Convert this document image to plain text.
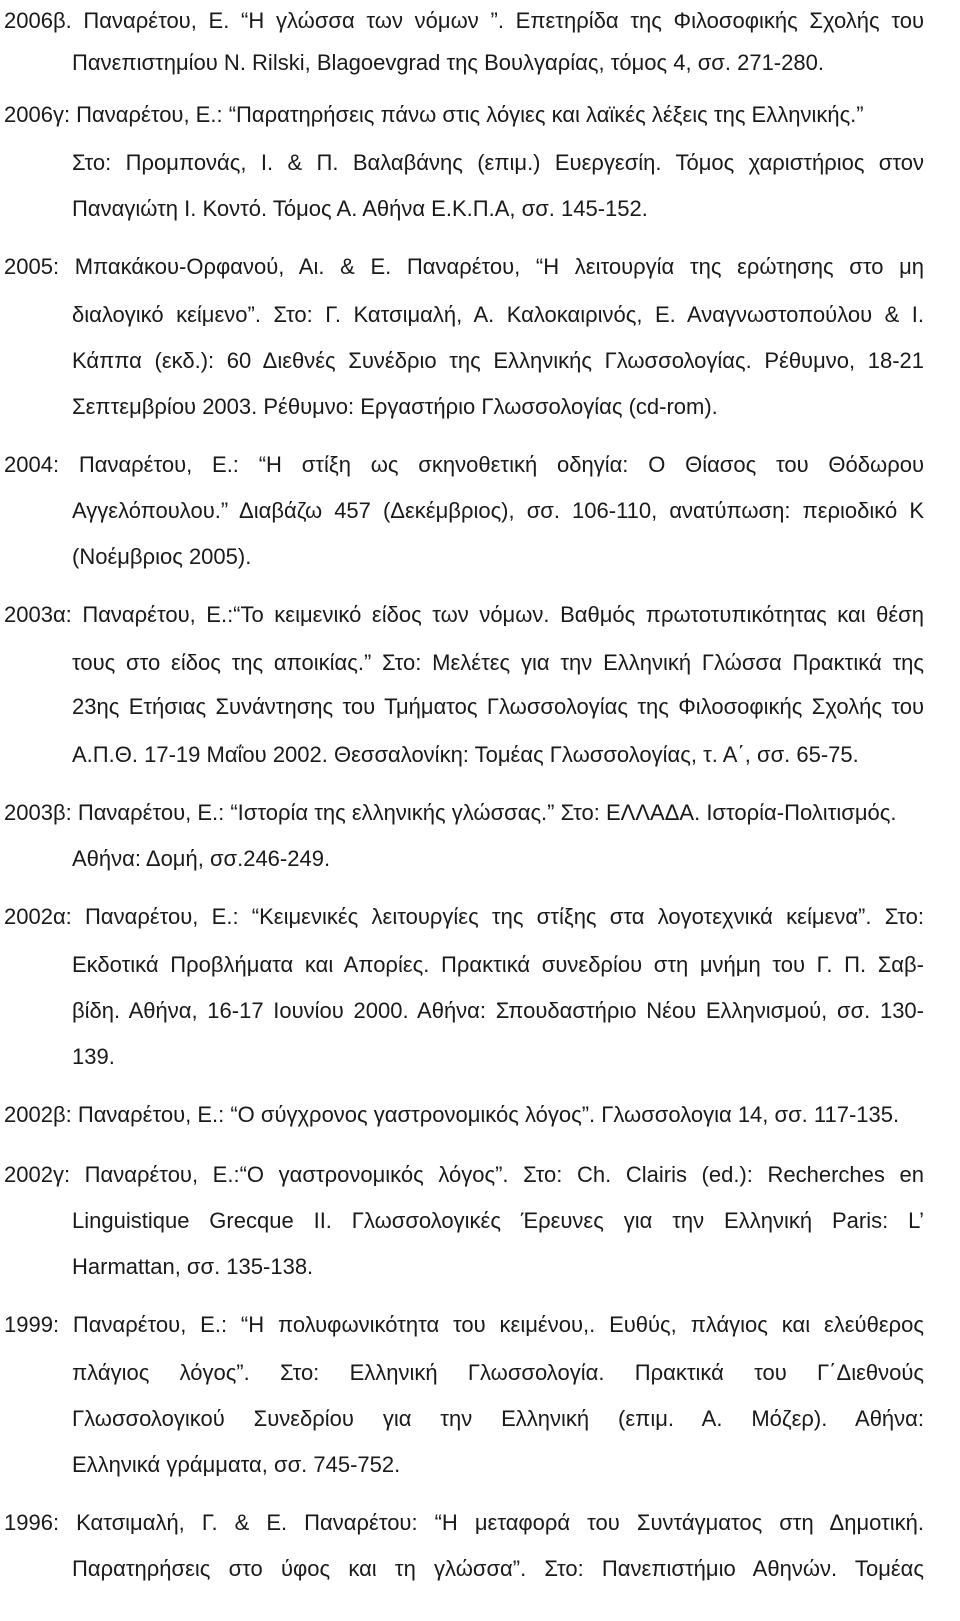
2006β. Παναρέτου, Ε. “Η γλώσσα των νόμων ”. Επετηρίδα της Φιλοσοφικής Σχολής του
Πανεπιστημίου Ν. Rilski, Blagoevgrad της Βουλγαρίας, τόμος 4, σσ. 271-280.
2006γ: Παναρέτου, Ε.: “Παρατηρήσεις πάνω στις λόγιες και λαϊκές λέξεις της Ελληνικής.”
Στο: Προμπονάς, Ι. & Π. Βαλαβάνης (επιμ.) Ευεργεσίη. Τόμος χαριστήριος στον
Παναγιώτη Ι. Κοντό. Τόμος Α. Αθήνα Ε.Κ.Π.Α, σσ. 145-152.
2005: Μπακάκου-Ορφανού, Αι. & Ε. Παναρέτου, “Η λειτουργία της ερώτησης στο μη
διαλογικό κείμενο”. Στο: Γ. Κατσιμαλή, Α. Καλοκαιρινός, Ε. Αναγνωστοπούλου & Ι.
Κάππα (εκδ.): 60 Διεθνές Συνέδριο της Ελληνικής Γλωσσολογίας. Ρέθυμνο, 18-21
Σεπτεμβρίου 2003. Ρέθυμνο: Εργαστήριο Γλωσσολογίας (cd-rom).
2004: Παναρέτου, Ε.: “Η στίξη ως σκηνοθετική οδηγία: Ο Θίασος του Θόδωρου
Αγγελόπουλου.” Διαβάζω 457 (Δεκέμβριος), σσ. 106-110, ανατύπωση: περιοδικό Κ
(Νοέμβριος 2005).
2003α: Παναρέτου, Ε.:“Το κειμενικό είδος των νόμων. Βαθμός πρωτοτυπικότητας και θέση
τους στο είδος της αποικίας.” Στο: Μελέτες για την Ελληνική Γλώσσα Πρακτικά της
23ης Ετήσιας Συνάντησης του Τμήματος Γλωσσολογίας της Φιλοσοφικής Σχολής του
Α.Π.Θ. 17-19 Μαΐου 2002. Θεσσαλονίκη: Τομέας Γλωσσολογίας, τ. Α΄, σσ. 65-75.
2003β: Παναρέτου, Ε.: “Ιστορία της ελληνικής γλώσσας.” Στο: ΕΛΛΑΔΑ. Ιστορία-Πολιτισμός.
Αθήνα: Δομή, σσ.246-249.
2002α: Παναρέτου, Ε.: “Κειμενικές λειτουργίες της στίξης στα λογοτεχνικά κείμενα”. Στο:
Εκδοτικά Προβλήματα και Απορίες. Πρακτικά συνεδρίου στη μνήμη του Γ. Π. Σαβ-
βίδη. Αθήνα, 16-17 Ιουνίου 2000. Αθήνα: Σπουδαστήριο Νέου Ελληνισμού, σσ. 130-
139.
2002β: Παναρέτου, Ε.: “Ο σύγχρονος γαστρονομικός λόγος”. Γλωσσολογια 14, σσ. 117-135.
2002γ: Παναρέτου, Ε.:“Ο γαστρονομικός λόγος”. Στο: Ch. Clairis (ed.): Recherches en
Linguistique Grecque II. Γλωσσολογικές Έρευνες για την Ελληνική Paris: L’
Harmattan, σσ. 135-138.
1999: Παναρέτου, Ε.: “Η πολυφωνικότητα του κειμένου,. Ευθύς, πλάγιος και ελεύθερος
πλάγιος λόγος”. Στο: Ελληνική Γλωσσολογία. Πρακτικά του Γ΄Διεθνούς
Γλωσσολογικού Συνεδρίου για την Ελληνική (επιμ. Α. Μόζερ). Αθήνα:
Ελληνικά γράμματα, σσ. 745-752.
1996: Κατσιμαλή, Γ. & Ε. Παναρέτου: “Η μεταφορά του Συντάγματος στη Δημοτική.
Παρατηρήσεις στο ύφος και τη γλώσσα”. Στο: Πανεπιστήμιο Αθηνών. Τομέας
